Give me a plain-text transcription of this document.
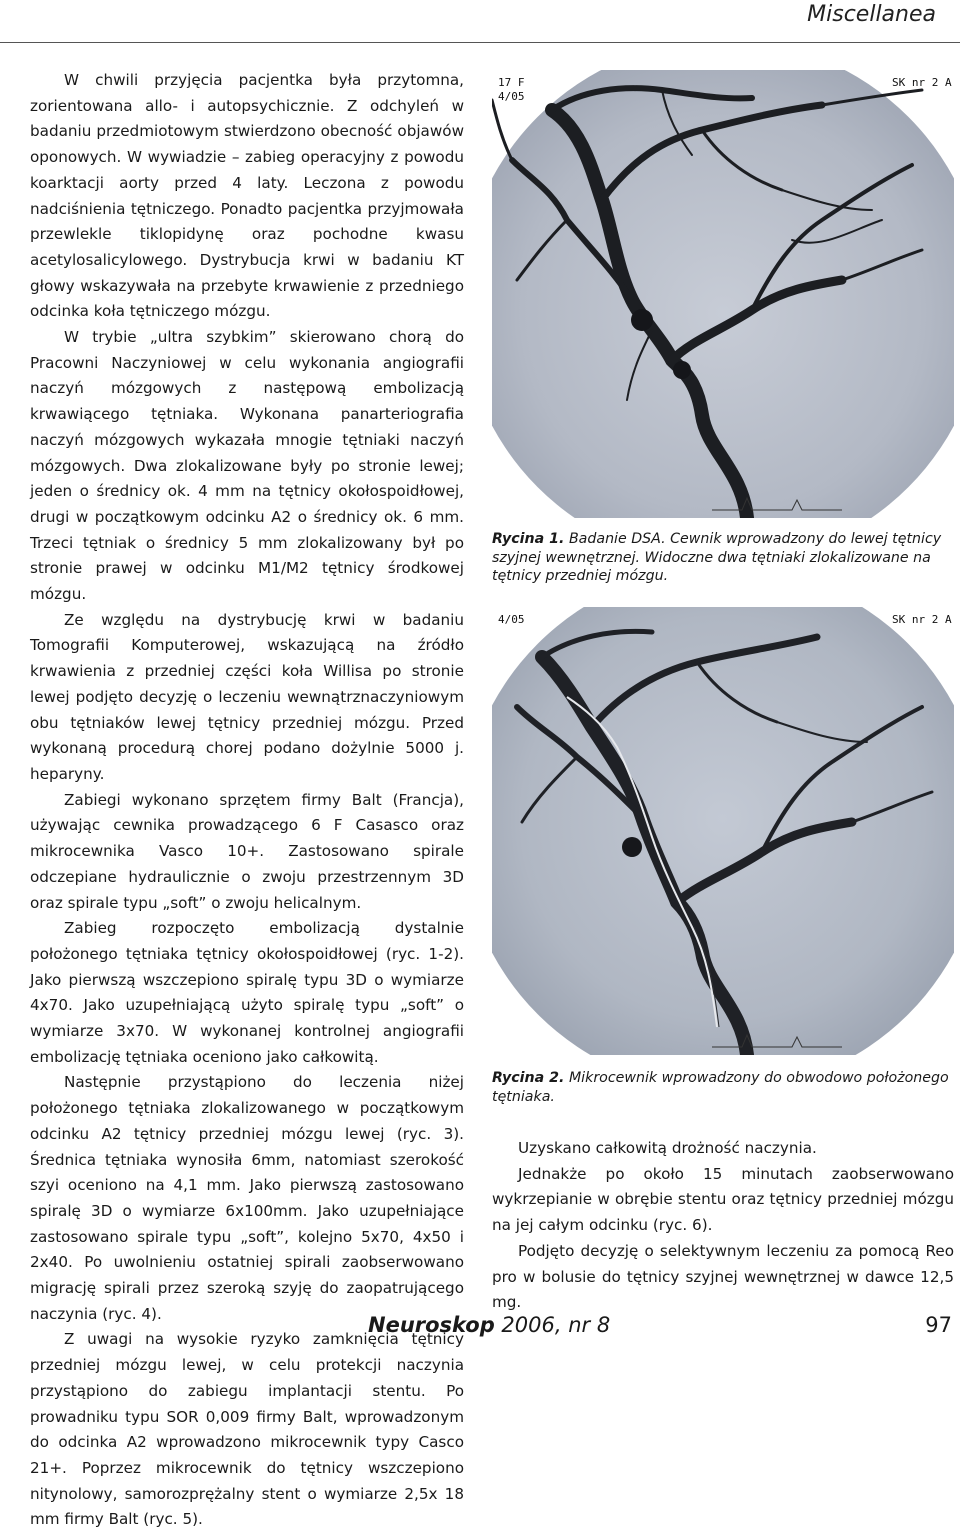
Miscellanea

W chwili przyjęcia pacjentka była przytomna, zorientowana allo- i autopsychicznie. Z odchyleń w badaniu przedmiotowym stwierdzono obecność objawów oponowych. W wywiadzie – zabieg operacyjny z powodu koarktacji aorty przed 4 laty. Leczona z powodu nadciśnienia tętniczego. Ponadto pacjentka przyjmowała przewlekle tiklopidynę oraz pochodne kwasu acetylosalicylowego. Dystrybucja krwi w badaniu KT głowy wskazywała na przebyte krwawienie z przedniego odcinka koła tętniczego mózgu.

W trybie „ultra szybkim” skierowano chorą do Pracowni Naczyniowej w celu wykonania angiografii naczyń mózgowych z następową embolizacją krwawiącego tętniaka. Wykonana panarteriografia naczyń mózgowych wykazała mnogie tętniaki naczyń mózgowych. Dwa zlokalizowane były po stronie lewej; jeden o średnicy ok. 4 mm na tętnicy okołospoidłowej, drugi w początkowym odcinku A2 o średnicy ok. 6 mm. Trzeci tętniak o średnicy 5 mm zlokalizowany był po stronie prawej w odcinku M1/M2 tętnicy środkowej mózgu.

Ze względu na dystrybucję krwi w badaniu Tomografii Komputerowej, wskazującą na źródło krwawienia z przedniej części koła Willisa po stronie lewej podjęto decyzję o leczeniu wewnątrznaczyniowym obu tętniaków lewej tętnicy przedniej mózgu. Przed wykonaną procedurą chorej podano dożylnie 5000 j. heparyny.

Zabiegi wykonano sprzętem firmy Balt (Francja), używając cewnika prowadzącego 6 F Casasco oraz mikrocewnika Vasco 10+. Zastosowano spirale odczepiane hydraulicznie o zwoju przestrzennym 3D oraz spirale typu „soft” o zwoju helicalnym.

Zabieg rozpoczęto embolizacją dystalnie położonego tętniaka tętnicy okołospoidłowej (ryc. 1-2). Jako pierwszą wszczepiono spiralę typu 3D o wymiarze 4x70. Jako uzupełniającą użyto spiralę typu „soft” o wymiarze 3x70. W wykonanej kontrolnej angiografii embolizację tętniaka oceniono jako całkowitą.

Następnie przystąpiono do leczenia niżej położonego tętniaka zlokalizowanego w początkowym odcinku A2 tętnicy przedniej mózgu lewej (ryc. 3). Średnica tętniaka wynosiła 6mm, natomiast szerokość szyi oceniono na 4,1 mm. Jako pierwszą zastosowano spiralę 3D o wymiarze 6x100mm. Jako uzupełniające zastosowano spirale typu „soft”, kolejno 5x70, 4x50 i 2x40. Po uwolnieniu ostatniej spirali zaobserwowano migrację spirali przez szeroką szyję do zaopatrującego naczynia (ryc. 4).

Z uwagi na wysokie ryzyko zamknięcia tętnicy przedniej mózgu lewej, w celu protekcji naczynia przystąpiono do zabiegu implantacji stentu. Po prowadniku typu SOR 0,009 firmy Balt, wprowadzonym do odcinka A2 wprowadzono mikrocewnik typy Casco 21+. Poprzez mikrocewnik do tętnicy wszczepiono nitynolowy, samorozprężalny stent o wymiarze 2,5x 18 mm firmy Balt (ryc. 5).

17 F
4/05
SK nr 2 A
Rycina 1. Badanie DSA. Cewnik wprowadzony do lewej tętnicy szyjnej wewnętrznej. Widoczne dwa tętniaki zlokalizowane na tętnicy przedniej mózgu.
4/05	SK nr 2 A
Rycina 2. Mikrocewnik wprowadzony do obwodowo położonego tętniaka.

Uzyskano całkowitą drożność naczynia.

Jednakże po około 15 minutach zaobserwowano wykrzepianie w obrębie stentu oraz tętnicy przedniej mózgu na jej całym odcinku (ryc. 6).

Podjęto decyzję o selektywnym leczeniu za pomocą Reo pro w bolusie do tętnicy szyjnej wewnętrznej w dawce 12,5 mg.

Neuroskop 2006, nr 8	97
